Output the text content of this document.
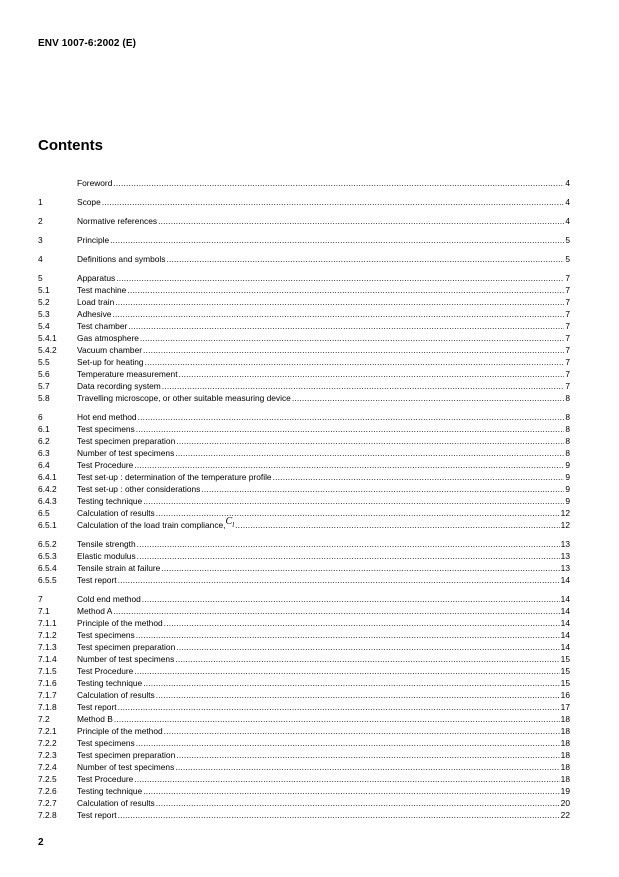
ENV 1007-6:2002 (E)
Contents
Foreword .....	4
1	Scope .....	4
2	Normative references .....	4
3	Principle .....	5
4	Definitions and symbols .....	5
5	Apparatus .....	7
5.1	Test machine .....	7
5.2	Load train .....	7
5.3	Adhesive .....	7
5.4	Test chamber .....	7
5.4.1	Gas atmosphere .....	7
5.4.2	Vacuum chamber .....	7
5.5	Set-up for heating .....	7
5.6	Temperature measurement .....	7
5.7	Data recording system .....	7
5.8	Travelling microscope, or other suitable measuring device .....	8
6	Hot end method .....	8
6.1	Test specimens .....	8
6.2	Test specimen preparation .....	8
6.3	Number of test specimens .....	8
6.4	Test Procedure .....	9
6.4.1	Test set-up : determination of the temperature profile .....	9
6.4.2	Test set-up : other considerations .....	9
6.4.3	Testing technique .....	9
6.5	Calculation of results .....	12
6.5.1	Calculation of the load train compliance, $C_l$ .....	12
6.5.2	Tensile strength .....	13
6.5.3	Elastic modulus .....	13
6.5.4	Tensile strain at failure .....	13
6.5.5	Test report .....	14
7	Cold end method .....	14
7.1	Method A .....	14
7.1.1	Principle of the method .....	14
7.1.2	Test specimens .....	14
7.1.3	Test specimen preparation .....	14
7.1.4	Number of test specimens .....	15
7.1.5	Test Procedure .....	15
7.1.6	Testing technique .....	15
7.1.7	Calculation of results .....	16
7.1.8	Test report .....	17
7.2	Method B .....	18
7.2.1	Principle of the method .....	18
7.2.2	Test specimens .....	18
7.2.3	Test specimen preparation .....	18
7.2.4	Number of test specimens .....	18
7.2.5	Test Procedure .....	18
7.2.6	Testing technique .....	19
7.2.7	Calculation of results .....	20
7.2.8	Test report .....	22
2
